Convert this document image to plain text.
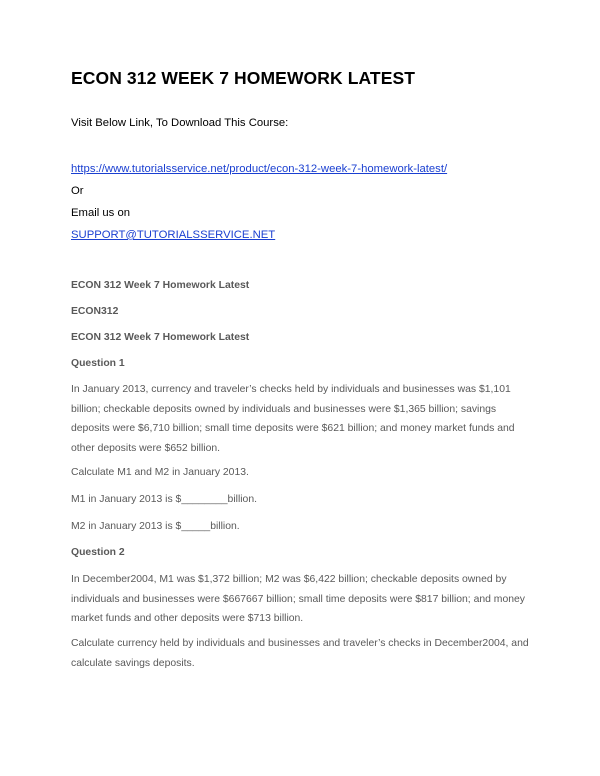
ECON 312 WEEK 7 HOMEWORK LATEST

Visit Below Link, To Download This Course:

https://www.tutorialsservice.net/product/econ-312-week-7-homework-latest/

Or

Email us on

SUPPORT@TUTORIALSSERVICE.NET

ECON 312 Week 7 Homework Latest

ECON312

ECON 312 Week 7 Homework Latest

Question 1

In January 2013, currency and traveler’s checks held by individuals and businesses was $1,101 billion; checkable deposits owned by individuals and businesses were $1,365 billion; savings deposits were $6,710 billion; small time deposits were $621 billion; and money market funds and other deposits were $652 billion.

Calculate M1 and M2 in January 2013.

M1 in January 2013 is $________billion.

M2 in January 2013 is $_____billion.

Question 2

In December2004, M1 was $1,372 billion; M2 was $6,422 billion; checkable deposits owned by individuals and businesses were $667667 billion; small time deposits were $817 billion; and money market funds and other deposits were $713 billion.

Calculate currency held by individuals and businesses and traveler’s checks in December2004, and calculate savings deposits.
